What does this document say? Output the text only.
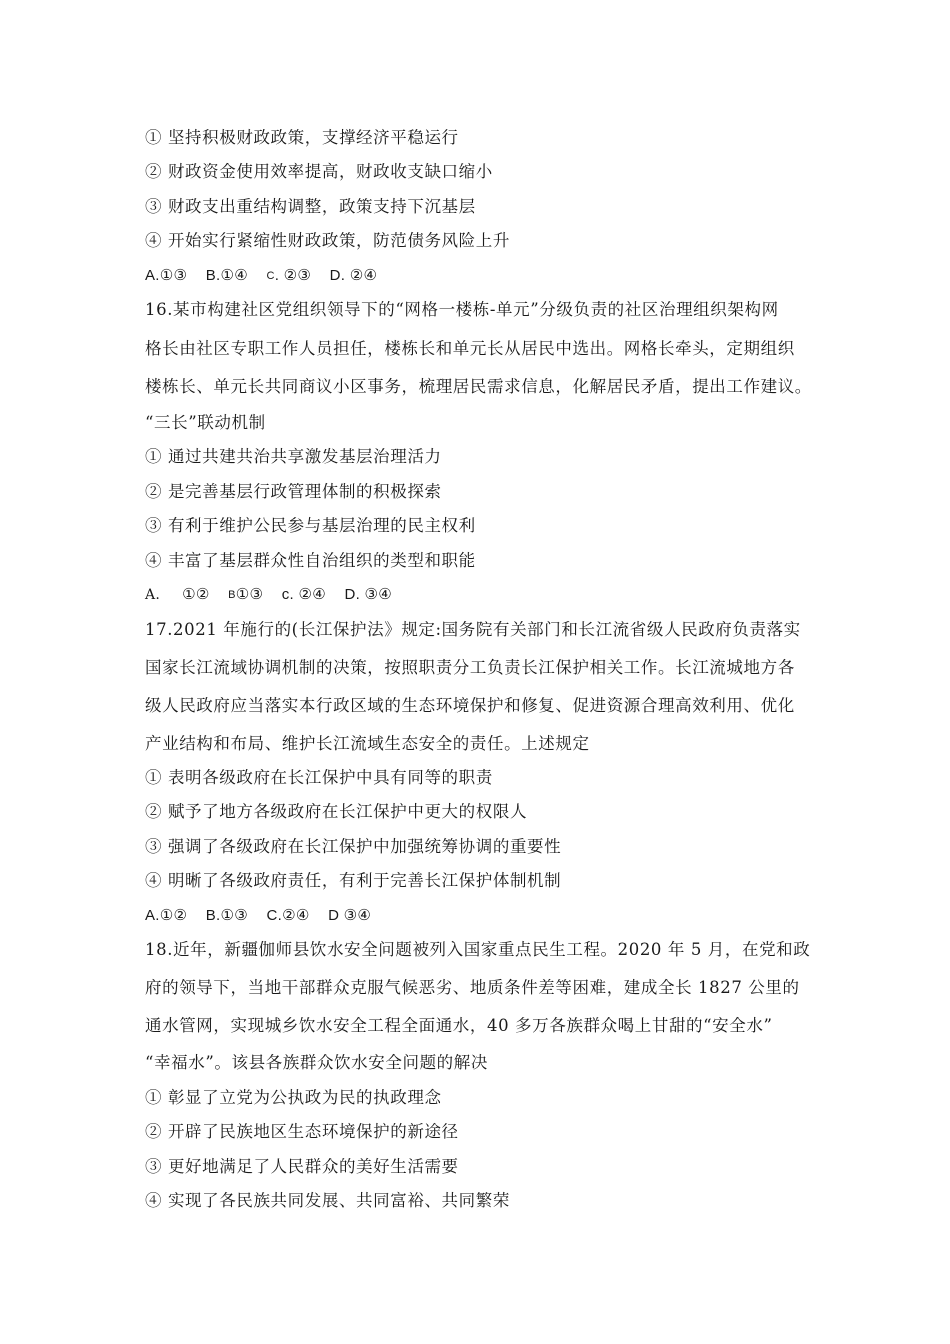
① 坚持积极财政政策，支撑经济平稳运行
② 财政资金使用效率提高，财政收支缺口缩小
③ 财政支出重结构调整，政策支持下沉基层
④ 开始实行紧缩性财政政策，防范债务风险上升
A.①③ B.①④ C. ②③ D. ②④
16.某市构建社区党组织领导下的“网格一楼栋-单元”分级负责的社区治理组织架构网
格长由社区专职工作人员担任，楼栋长和单元长从居民中选出。网格长牵头，定期组织
楼栋长、单元长共同商议小区事务，梳理居民需求信息，化解居民矛盾，提出工作建议。
“三长”联动机制
① 通过共建共治共享激发基层治理活力
② 是完善基层行政管理体制的积极探索
③ 有利于维护公民参与基层治理的民主权利
④ 丰富了基层群众性自治组织的类型和职能
A. ①② B①③ c. ②④ D. ③④
17.2021 年施行的(长江保护法》规定:国务院有关部门和长江流省级人民政府负责落实
国家长江流域协调机制的决策，按照职责分工负责长江保护相关工作。长江流城地方各
级人民政府应当落实本行政区域的生态环境保护和修复、促进资源合理高效利用、优化
产业结构和布局、维护长江流域生态安全的责任。上述规定
① 表明各级政府在长江保护中具有同等的职责
② 赋予了地方各级政府在长江保护中更大的权限人
③ 强调了各级政府在长江保护中加强统筹协调的重要性
④ 明晰了各级政府责任，有利于完善长江保护体制机制
A.①② B.①③ C.②④ D ③④
18.近年，新疆伽师县饮水安全问题被列入国家重点民生工程。2020 年 5 月，在党和政
府的领导下，当地干部群众克服气候恶劣、地质条件差等困难，建成全长 1827 公里的
通水管网，实现城乡饮水安全工程全面通水，40 多万各族群众喝上甘甜的“安全水”
“幸福水”。该县各族群众饮水安全问题的解决
① 彰显了立党为公执政为民的执政理念
② 开辟了民族地区生态环境保护的新途径
③ 更好地满足了人民群众的美好生活需要
④ 实现了各民族共同发展、共同富裕、共同繁荣
